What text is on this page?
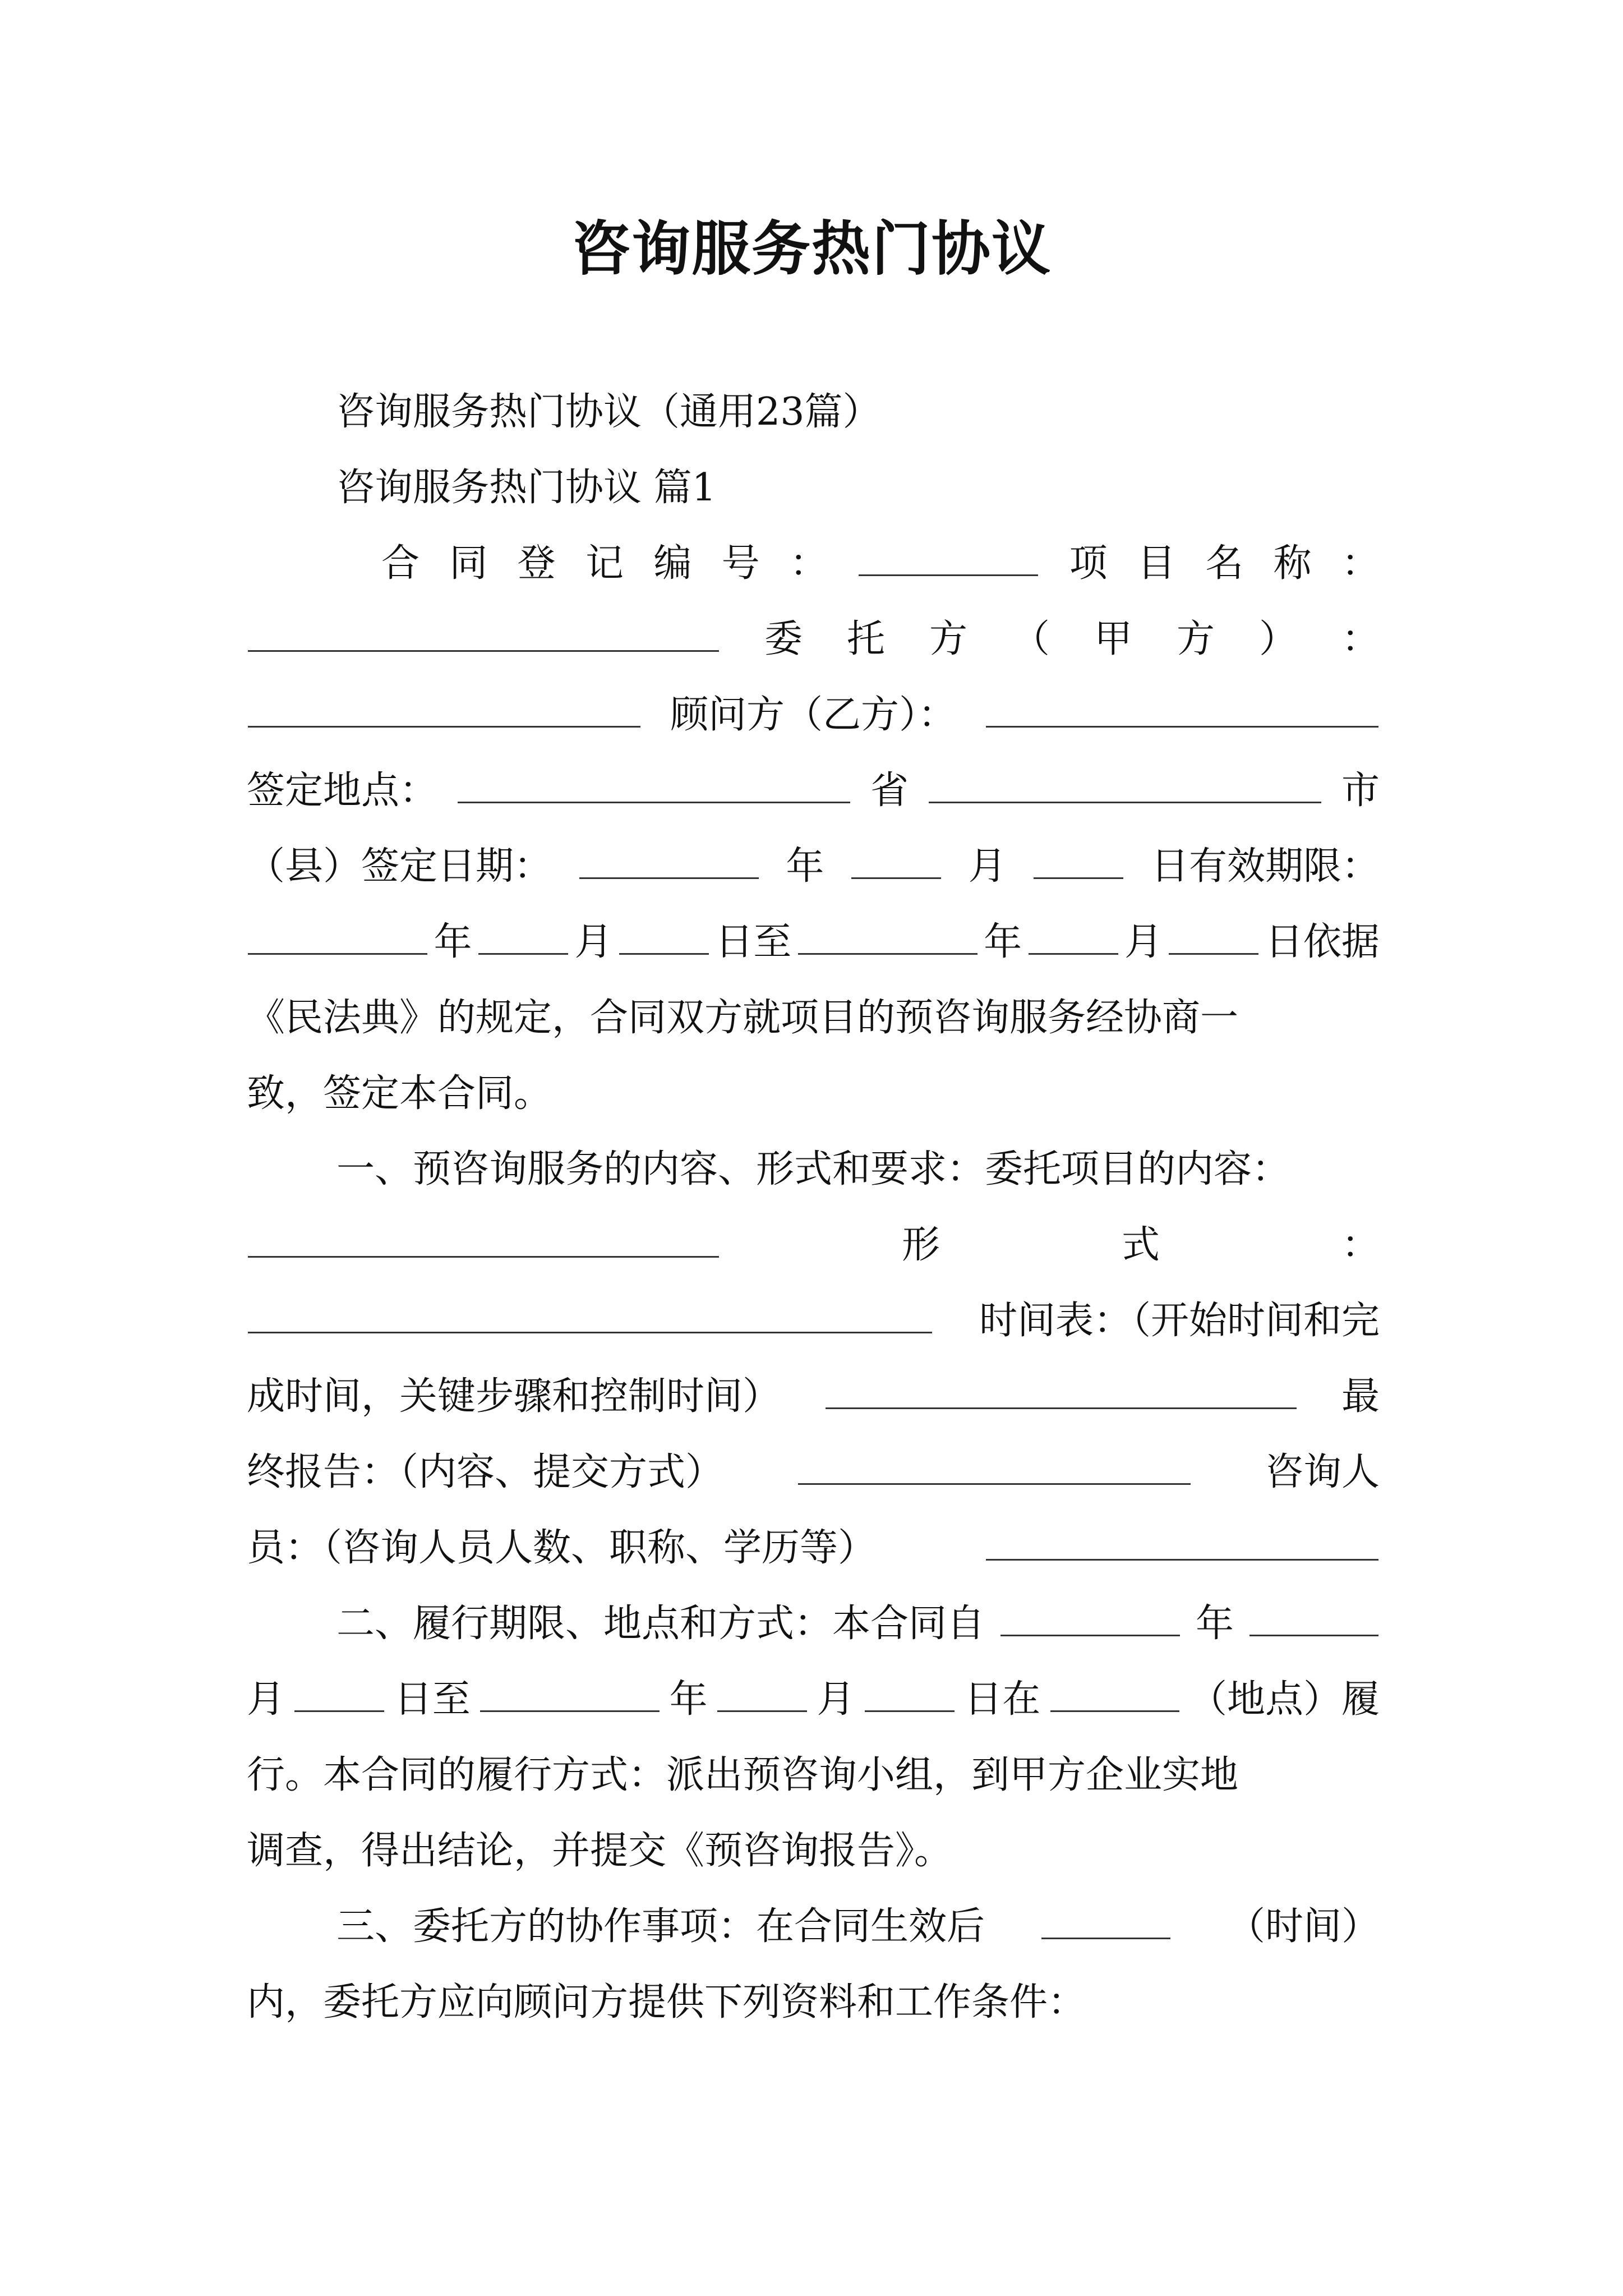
咨询服务热门协议
咨询服务热门协议（通用23篇）
咨询服务热门协议 篇1
合 同 登 记 编 号 ：	项 目 名 称 ：
委 托 方 （ 甲 方 ） ：
顾问方（乙方）：
签定地点：	省	市
（县）签定日期：	年	月	日有效期限：
年	月	日至	年	月	日依据
《民法典》的规定，合同双方就项目的预咨询服务经协商一
致，签定本合同。
一、预咨询服务的内容、形式和要求：委托项目的内容：
形	式	：
时间表：（开始时间和完
成时间，关键步骤和控制时间）	最
终报告：（内容、提交方式）	咨询人
员：（咨询人员人数、职称、学历等）
二、履行期限、地点和方式：本合同自	年
月	日至	年	月	日在	（地点）履
行。本合同的履行方式：派出预咨询小组，到甲方企业实地
调查，得出结论，并提交《预咨询报告》。
三、委托方的协作事项：在合同生效后	（时间）
内，委托方应向顾问方提供下列资料和工作条件：
